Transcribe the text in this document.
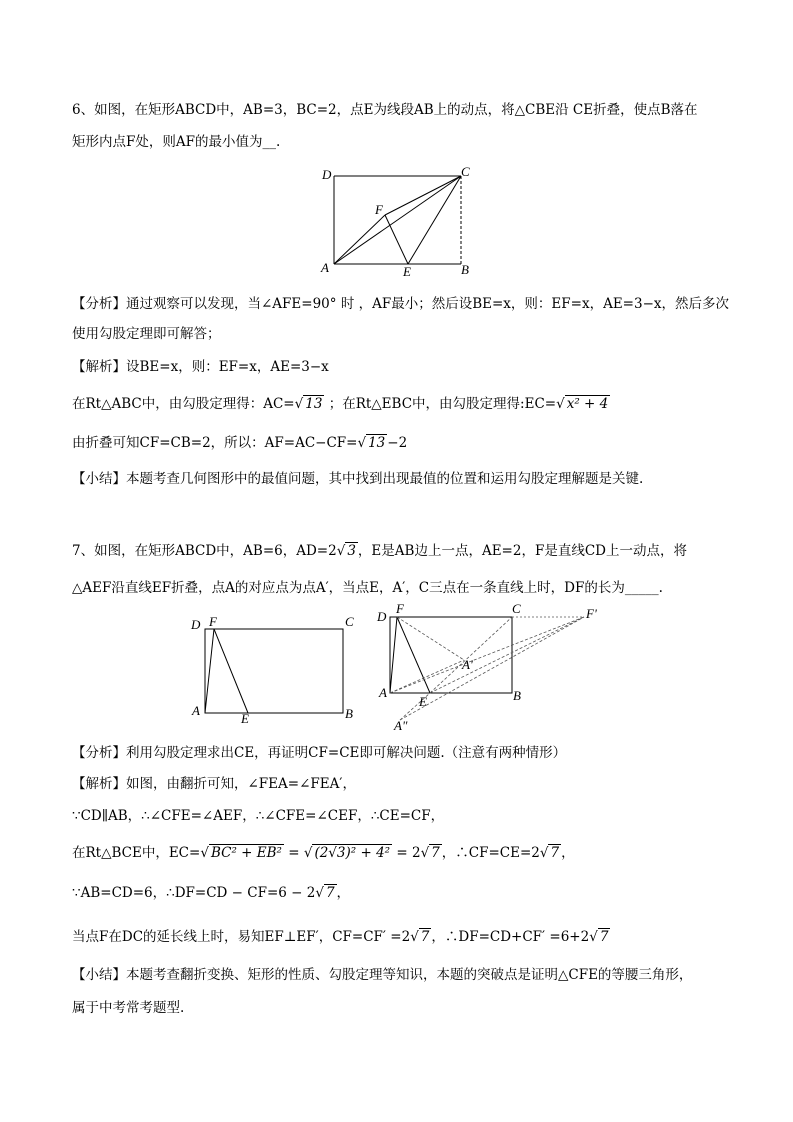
6、如图，在矩形ABCD中，AB=3，BC=2，点E为线段AB上的动点，将△CBE沿 CE折叠，使点B落在
矩形内点F处，则AF的最小值为__.
D	C
F
A	E	B
【分析】通过观察可以发现，当∠AFE=90° 时 ，AF最小；然后设BE=x，则：EF=x，AE=3−x，然后多次
使用勾股定理即可解答；
【解析】设BE=x，则：EF=x，AE=3−x
在Rt△ABC中，由勾股定理得：AC=√ 13 ；在Rt△EBC中，由勾股定理得:EC=√ x² + 4
由折叠可知CF=CB=2，所以：AF=AC−CF=√ 13 −2
【小结】本题考查几何图形中的最值问题，其中找到出现最值的位置和运用勾股定理解题是关键.
7、如图，在矩形ABCD中，AB=6，AD=2√ 3 ，E是AB边上一点，AE=2，F是直线CD上一动点，将
△AEF沿直线EF折叠，点A的对应点为点A′，当点E，A′，C三点在一条直线上时，DF的长为_____.
D F	C
A
E	B
D
F	C	F'
A'
A
E	B
A"
【分析】利用勾股定理求出CE，再证明CF=CE即可解决问题.（注意有两种情形）
【解析】如图，由翻折可知，∠FEA=∠FEA′，
∵CD∥AB，∴∠CFE=∠AEF，∴∠CFE=∠CEF，∴CE=CF，
在Rt△BCE中，EC=√ BC² + EB² = √ (2√3)² + 4² = 2√ 7 ，∴CF=CE=2√ 7 ，
∵AB=CD=6，∴DF=CD − CF=6 − 2√ 7 ，
当点F在DC的延长线上时，易知EF⊥EF′，CF=CF′ =2√ 7 ，∴DF=CD+CF′ =6+2√ 7
【小结】本题考查翻折变换、矩形的性质、勾股定理等知识，本题的突破点是证明△CFE的等腰三角形，
属于中考常考题型.
